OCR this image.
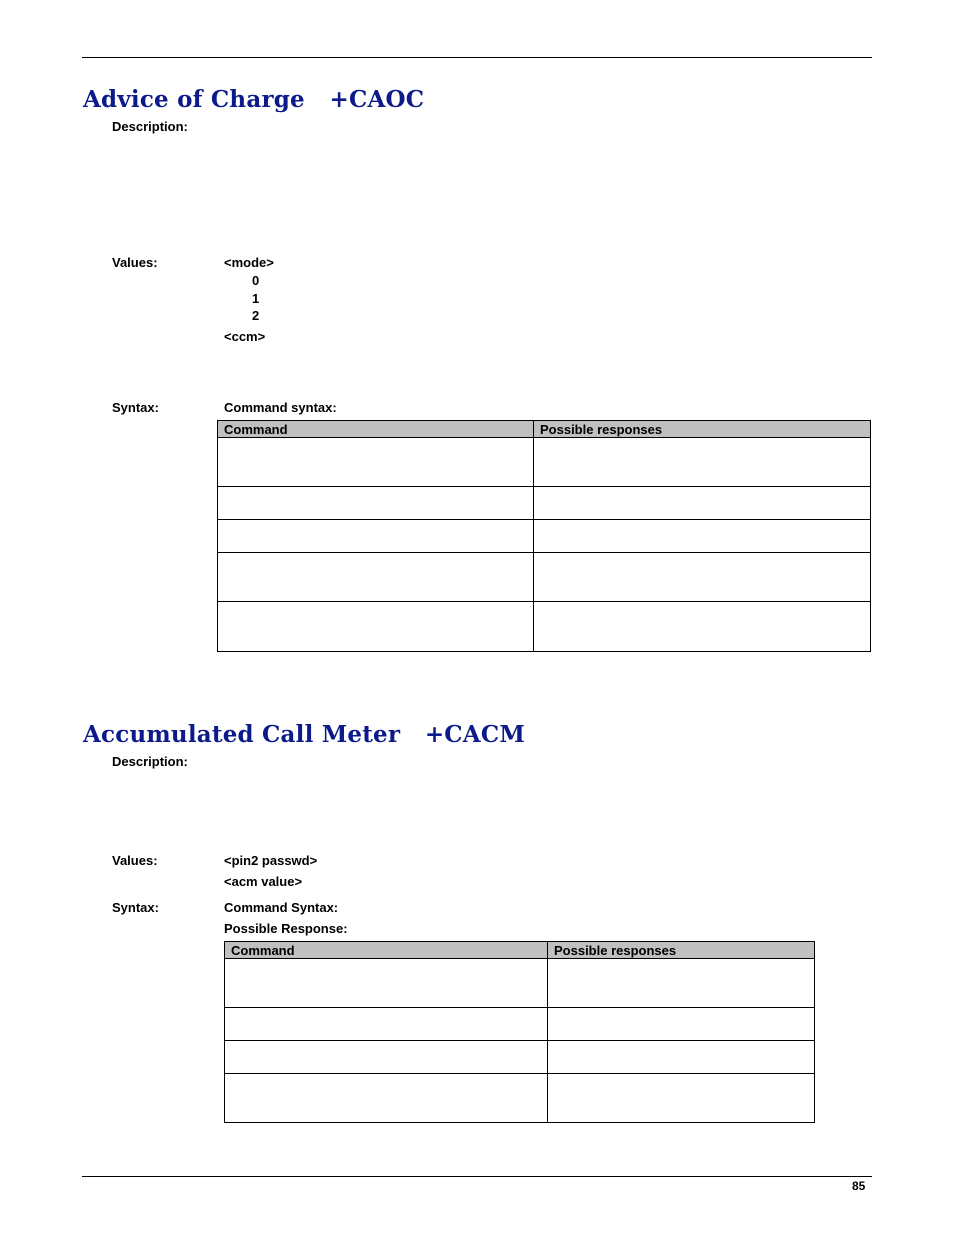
Advice of Charge +CAOC
Description:
Values:	<mode>
0
1
2
<ccm>
Syntax:	Command syntax:
Command	Possible responses

Accumulated Call Meter +CACM
Description:
Values:	<pin2 passwd>
<acm value>
Syntax:	Command Syntax:
Possible Response:
Command	Possible responses

85
